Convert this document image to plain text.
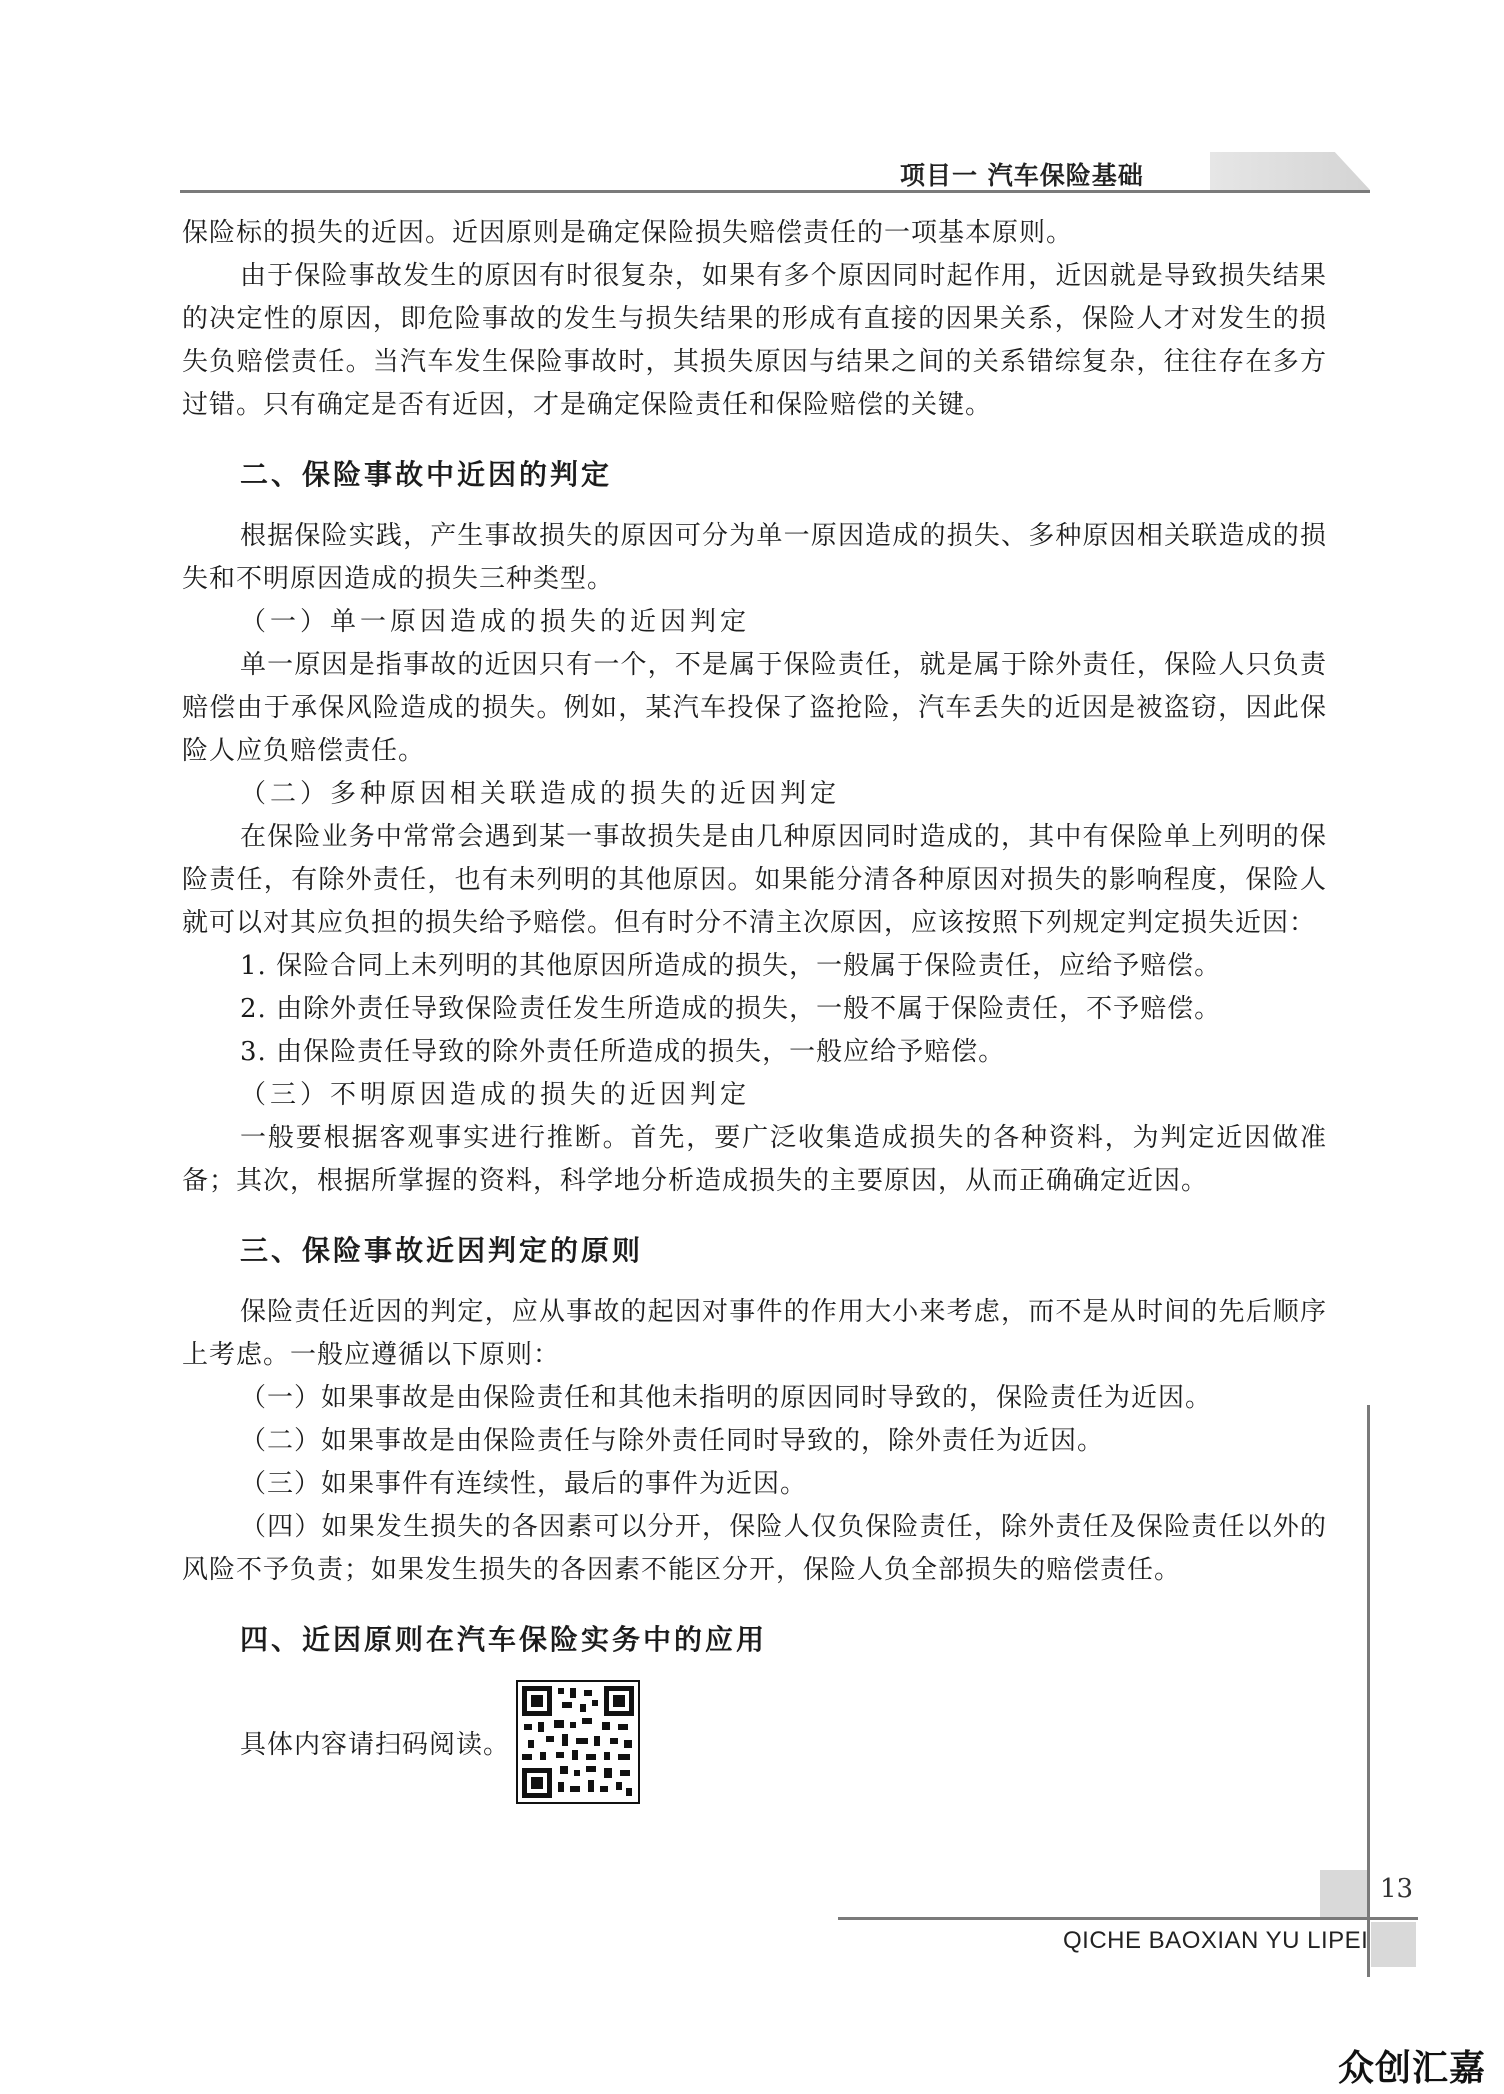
项目一 汽车保险基础

保险标的损失的近因。近因原则是确定保险损失赔偿责任的一项基本原则。

由于保险事故发生的原因有时很复杂，如果有多个原因同时起作用，近因就是导致损失结果的决定性的原因，即危险事故的发生与损失结果的形成有直接的因果关系，保险人才对发生的损失负赔偿责任。当汽车发生保险事故时，其损失原因与结果之间的关系错综复杂，往往存在多方过错。只有确定是否有近因，才是确定保险责任和保险赔偿的关键。

二、保险事故中近因的判定

根据保险实践，产生事故损失的原因可分为单一原因造成的损失、多种原因相关联造成的损失和不明原因造成的损失三种类型。

（一）单一原因造成的损失的近因判定

单一原因是指事故的近因只有一个，不是属于保险责任，就是属于除外责任，保险人只负责赔偿由于承保风险造成的损失。例如，某汽车投保了盗抢险，汽车丢失的近因是被盗窃，因此保险人应负赔偿责任。

（二）多种原因相关联造成的损失的近因判定

在保险业务中常常会遇到某一事故损失是由几种原因同时造成的，其中有保险单上列明的保险责任，有除外责任，也有未列明的其他原因。如果能分清各种原因对损失的影响程度，保险人就可以对其应负担的损失给予赔偿。但有时分不清主次原因，应该按照下列规定判定损失近因：

1. 保险合同上未列明的其他原因所造成的损失，一般属于保险责任，应给予赔偿。

2. 由除外责任导致保险责任发生所造成的损失，一般不属于保险责任，不予赔偿。

3. 由保险责任导致的除外责任所造成的损失，一般应给予赔偿。

（三）不明原因造成的损失的近因判定

一般要根据客观事实进行推断。首先，要广泛收集造成损失的各种资料，为判定近因做准备；其次，根据所掌握的资料，科学地分析造成损失的主要原因，从而正确确定近因。

三、保险事故近因判定的原则

保险责任近因的判定，应从事故的起因对事件的作用大小来考虑，而不是从时间的先后顺序上考虑。一般应遵循以下原则：

（一）如果事故是由保险责任和其他未指明的原因同时导致的，保险责任为近因。

（二）如果事故是由保险责任与除外责任同时导致的，除外责任为近因。

（三）如果事件有连续性，最后的事件为近因。

（四）如果发生损失的各因素可以分开，保险人仅负保险责任，除外责任及保险责任以外的风险不予负责；如果发生损失的各因素不能区分开，保险人负全部损失的赔偿责任。

四、近因原则在汽车保险实务中的应用
具体内容请扫码阅读。
13
QICHE BAOXIAN YU LIPEI
众创汇嘉
